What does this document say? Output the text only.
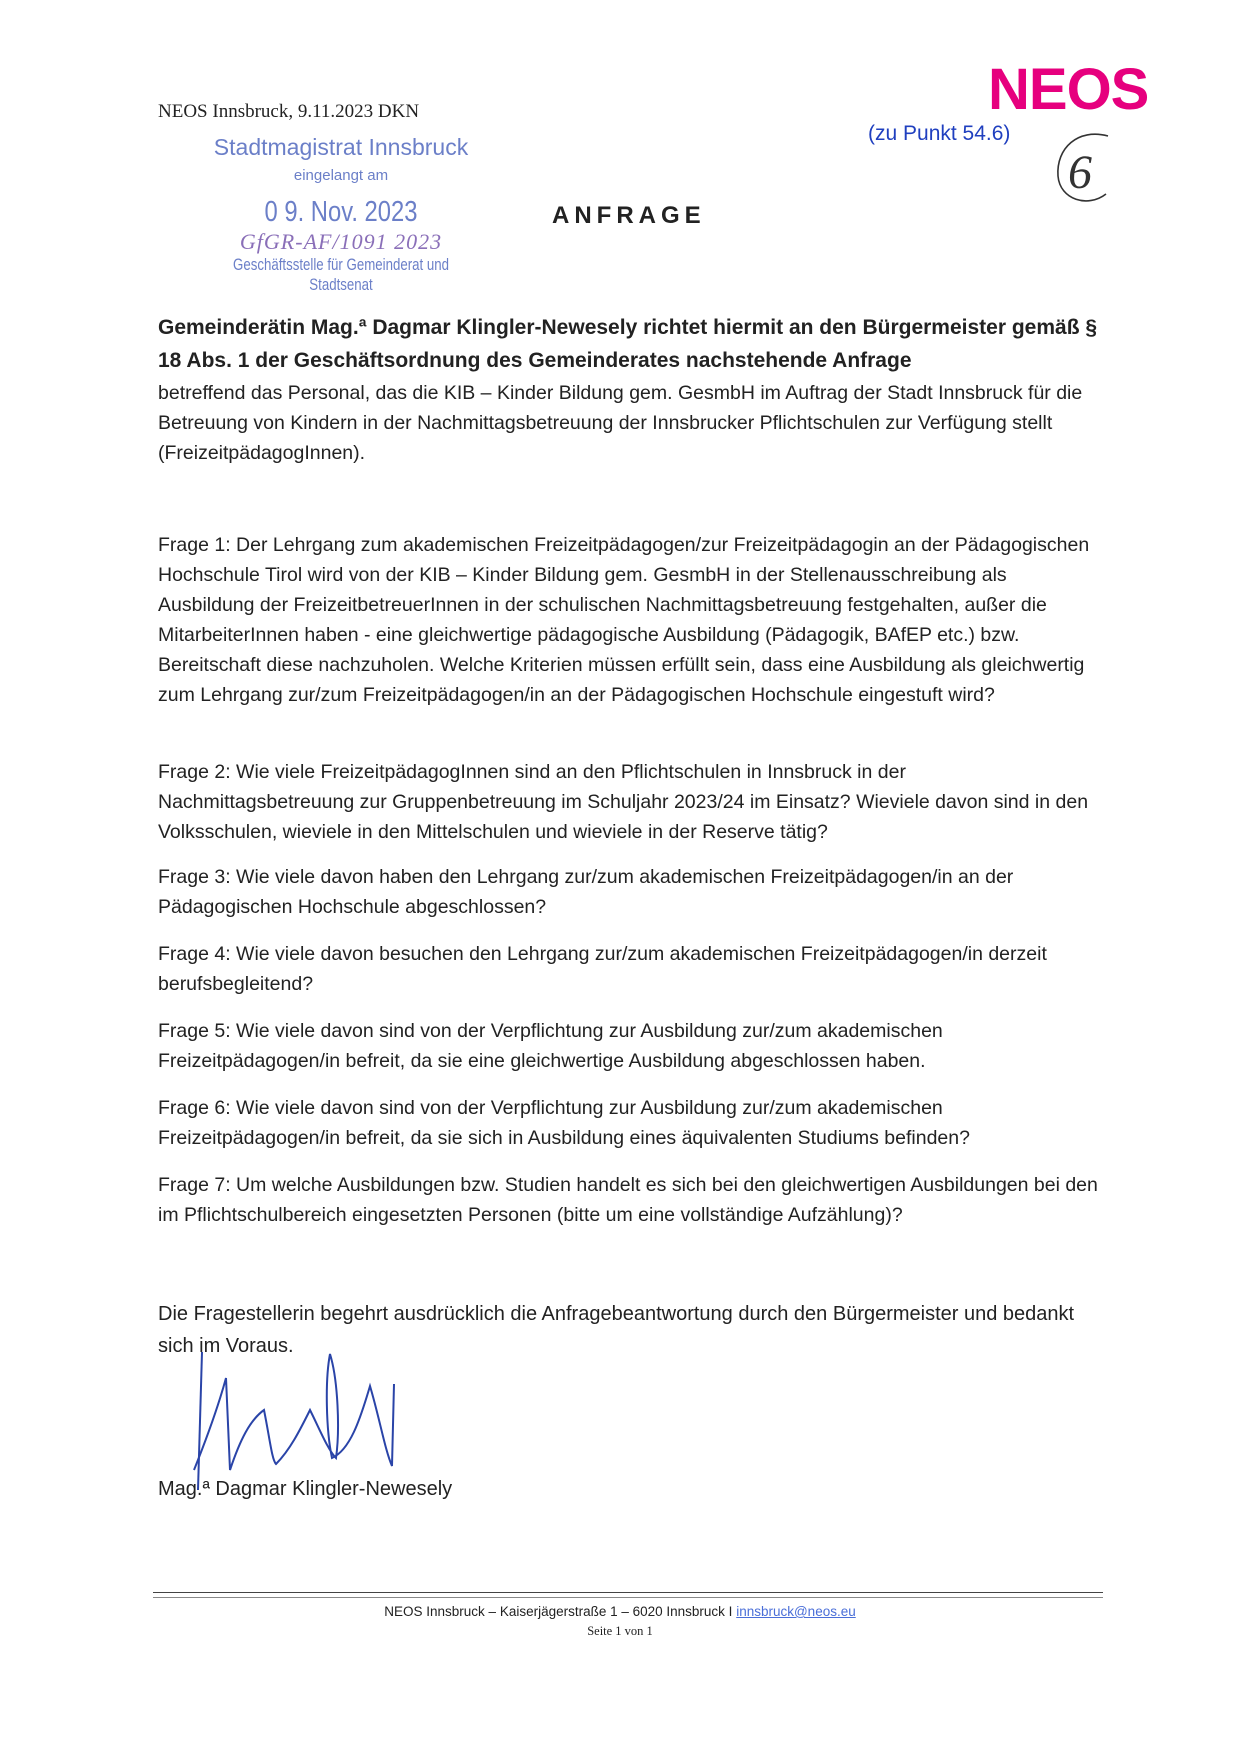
NEOS
NEOS Innsbruck, 9.11.2023 DKN
(zu Punkt 54.6)
6
Stadtmagistrat Innsbruck
eingelangt am
0 9. Nov. 2023
GfGR-AF/1091 2023
Geschäftsstelle für Gemeinderat und Stadtsenat
ANFRAGE
Gemeinderätin Mag.ª Dagmar Klingler-Newesely richtet hiermit an den Bürgermeister gemäß § 18 Abs. 1 der Geschäftsordnung des Gemeinderates nachstehende Anfrage
betreffend das Personal, das die KIB – Kinder Bildung gem. GesmbH im Auftrag der Stadt Innsbruck für die Betreuung von Kindern in der Nachmittagsbetreuung der Innsbrucker Pflichtschulen zur Verfügung stellt (FreizeitpädagogInnen).
Frage 1: Der Lehrgang zum akademischen Freizeitpädagogen/zur Freizeitpädagogin an der Pädagogischen Hochschule Tirol wird von der KIB – Kinder Bildung gem. GesmbH in der Stellenausschreibung als Ausbildung der FreizeitbetreuerInnen in der schulischen Nachmittagsbetreuung festgehalten, außer die MitarbeiterInnen haben - eine gleichwertige pädagogische Ausbildung (Pädagogik, BAfEP etc.) bzw. Bereitschaft diese nachzuholen. Welche Kriterien müssen erfüllt sein, dass eine Ausbildung als gleichwertig zum Lehrgang zur/zum Freizeitpädagogen/in an der Pädagogischen Hochschule eingestuft wird?
Frage 2: Wie viele FreizeitpädagogInnen sind an den Pflichtschulen in Innsbruck in der Nachmittagsbetreuung zur Gruppenbetreuung im Schuljahr 2023/24 im Einsatz? Wieviele davon sind in den Volksschulen, wieviele in den Mittelschulen und wieviele in der Reserve tätig?
Frage 3: Wie viele davon haben den Lehrgang zur/zum akademischen Freizeitpädagogen/in an der Pädagogischen Hochschule abgeschlossen?
Frage 4: Wie viele davon besuchen den Lehrgang zur/zum akademischen Freizeitpädagogen/in derzeit berufsbegleitend?
Frage 5: Wie viele davon sind von der Verpflichtung zur Ausbildung zur/zum akademischen Freizeitpädagogen/in befreit, da sie eine gleichwertige Ausbildung abgeschlossen haben.
Frage 6: Wie viele davon sind von der Verpflichtung zur Ausbildung zur/zum akademischen Freizeitpädagogen/in befreit, da sie sich in Ausbildung eines äquivalenten Studiums befinden?
Frage 7: Um welche Ausbildungen bzw. Studien handelt es sich bei den gleichwertigen Ausbildungen bei den im Pflichtschulbereich eingesetzten Personen (bitte um eine vollständige Aufzählung)?
Die Fragestellerin begehrt ausdrücklich die Anfragebeantwortung durch den Bürgermeister und bedankt sich im Voraus.
Mag.ª Dagmar Klingler-Newesely
NEOS Innsbruck – Kaiserjägerstraße 1 – 6020 Innsbruck I innsbruck@neos.eu
Seite 1 von 1
